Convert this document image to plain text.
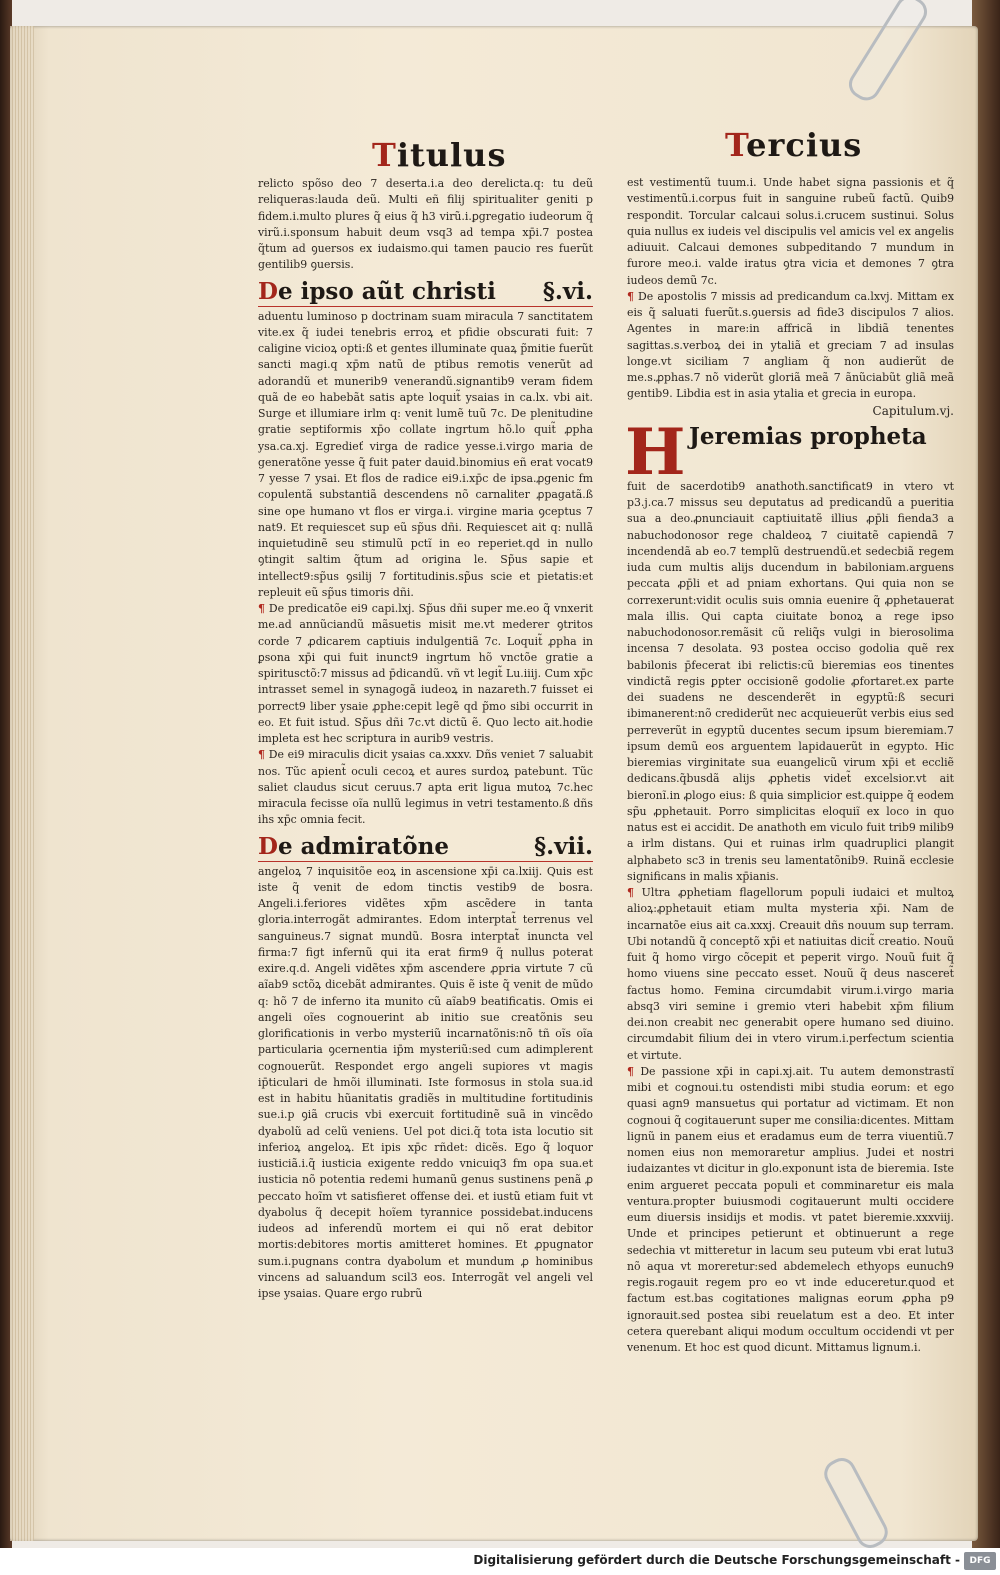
Titulus	Tercius

relicto spõso deo 7 deserta.i.a deo derelicta.q: tu deũ reliqueras:lauda deũ. Multi eñ filij spiritualiter geniti p fidem.i.multo plures q̃ eius q̃ h3 virũ.i.ꝑgregatio iudeorum q̃ virũ.i.sponsum habuit deum vsq3 ad tempa xp̄i.7 postea q̃tum ad ꝯuersos ex iudaismo.qui tamen paucio res fuerũt gentilib9 ꝯuersis.

De ipso aũt christi §.vi.

aduentu luminoso p doctrinam suam miracula 7 sanctitatem vite.ex q̃ iudei tenebris erroꝝ et pfidie obscurati fuit: 7 caligine vicioꝝ opti:ß et gentes illuminate quaꝝ p̃mitie fuerũt sancti magi.q xp̄m natũ de ptibus remotis venerũt ad adorandũ et munerib9 venerandũ.signantib9 veram fidem quã de eo habebãt satis apte loquit̃ ysaias in ca.lx. vbi ait. Surge et illumiare irlm q: venit lumẽ tuũ 7c. De plenitudine gratie septiformis xp̄o collate ingrtum hõ.lo quit̃ ꝓpha ysa.ca.xj. Egredieť virga de radice yesse.i.virgo maria de generatõne yesse q̃ fuit pater dauid.binomius eñ erat vocat9 7 yesse 7 ysai. Et flos de radice ei9.i.xp̄c de ipsa.ꝓgenic fm copulentã substantiã descendens nõ carnaliter ꝓpagatã.ß sine ope humano vt flos er virga.i. virgine maria ꝯceptus 7 nat9. Et requiescet sup eũ sp̃us dñi. Requiescet ait q: nullã inquietudinẽ seu stimulũ pctĩ in eo reperiet.qd in nullo ꝯtingit saltim q̃tum ad origina le. Sp̃us sapie et intellect9:sp̃us ꝯsilij 7 fortitudinis.sp̃us scie et pietatis:et repleuit eũ sp̃us timoris dñi.

¶ De predicatõe ei9 capi.lxj. Sp̃us dñi super me.eo q̃ vnxerit me.ad annũciandũ mãsuetis misit me.vt mederer ꝯtritos corde 7 ꝓdicarem captiuis indulgentiã 7c. Loquit̃ ꝓpha in ꝑsona xp̄i qui fuit inunct9 ingrtum hõ vnctõe gratie a spiritusctõ:7 missus ad p̄dicandũ. vñ vt legit̃ Lu.iiij. Cum xp̄c intrasset semel in synagogã iudeoꝝ in nazareth.7 fuisset ei porrect9 liber ysaie ꝓphe:cepit legẽ qd p̃mo sibi occurrit in eo. Et fuit istud. Sp̃us dñi 7c.vt dictũ ẽ. Quo lecto ait.hodie impleta est hec scriptura in aurib9 vestris.

¶ De ei9 miraculis dicit ysaias ca.xxxv. Dñs veniet 7 saluabit nos. Tũc apient̃ oculi cecoꝝ et aures surdoꝝ patebunt. Tũc saliet claudus sicut ceruus.7 apta erit ligua mutoꝝ 7c.hec miracula fecisse oĩa nullũ legimus in vetri testamento.ß dñs ihs xp̄c omnia fecit.

De admiratõne	§.vii.

angeloꝝ 7 inquisitõe eoꝝ in ascensione xp̄i ca.lxiij. Quis est iste q̃ venit de edom tinctis vestib9 de bosra. Angeli.i.feriores vidẽtes xp̄m ascẽdere in tanta gloria.interrogãt admirantes. Edom interptat̃ terrenus vel sanguineus.7 signat mundũ. Bosra interptat̃ inuncta vel firma:7 figt infernũ qui ita erat firm9 q̃ nullus poterat exire.q.d. Angeli vidẽtes xp̄m ascendere ꝓpria virtute 7 cũ aĩab9 sctõꝝ dicebãt admirantes. Quis ẽ iste q̃ venit de mũdo q: hõ 7 de inferno ita munito cũ aĩab9 beatificatis. Omis ei angeli oĩes cognouerint ab initio sue creatõnis seu glorificationis in verbo mysteriũ incarnatõnis:nõ tñ oĩs oĩa particularia ꝯcernentia ip̄m mysteriũ:sed cum adimplerent cognouerũt. Respondet ergo angeli supiores vt magis ip̄ticulari de hmõi illuminati. Iste formosus in stola sua.id est in habitu hũanitatis gradiẽs in multitudine fortitudinis sue.i.p ꝯiã crucis vbi exercuit fortitudinẽ suã in vincẽdo dyabolũ ad celũ veniens. Uel pot dici.q̃ tota ista locutio sit inferioꝝ angeloꝝ. Et ipis xp̄c rñdet: dicẽs. Ego q̃ loquor iusticiã.i.q̃ iusticia exigente reddo vnicuiq3 fm opa sua.et iusticia nõ potentia redemi humanũ genus sustinens penã ꝓ peccato hoĩm vt satisfieret offense dei. et iustũ etiam fuit vt dyabolus q̃ decepit hoĩem tyrannice possidebat.inducens iudeos ad inferendũ mortem ei qui nõ erat debitor mortis:debitores mortis amitteret homines. Et ꝓpugnator sum.i.pugnans contra dyabolum et mundum ꝓ hominibus vincens ad saluandum scil3 eos. Interrogãt vel angeli vel ipse ysaias. Quare ergo rubrũ

est vestimentũ tuum.i. Unde habet signa passionis et q̃ vestimentũ.i.corpus fuit in sanguine rubeũ factũ. Quib9 respondit. Torcular calcaui solus.i.crucem sustinui. Solus quia nullus ex iudeis vel discipulis vel amicis vel ex angelis adiuuit. Calcaui demones subpeditando 7 mundum in furore meo.i. valde iratus ꝯtra vicia et demones 7 ꝯtra iudeos demũ 7c.

¶ De apostolis 7 missis ad predicandum ca.lxvj. Mittam ex eis q̃ saluati fuerũt.s.ꝯuersis ad fide3 discipulos 7 alios. Agentes in mare:in affricã in libdiã tenentes sagittas.s.verboꝝ dei in ytaliã et greciam 7 ad insulas longe.vt siciliam 7 angliam q̃ non audierũt de me.s.ꝓphas.7 nõ viderũt gloriã meã 7 ãnũciabũt gliã meã gentib9. Libdia est in asia ytalia et grecia in europa.

Capitulum.vj.

H Jeremias propheta

fuit de sacerdotib9 anathoth.sanctificat9 in vtero vt p3.j.ca.7 missus seu deputatus ad predicandũ a pueritia sua a deo.ꝓnunciauit captiuitatẽ illius ꝓp̄li fienda3 a nabuchodonosor rege chaldeoꝝ 7 ciuitatẽ capiendã 7 incendendã ab eo.7 templũ destruendũ.et sedecbiã regem iuda cum multis alijs ducendum in babiloniam.arguens peccata ꝓp̄li et ad pniam exhortans. Qui quia non se correxerunt:vidit oculis suis omnia euenire q̃ ꝓphetauerat mala illis. Qui capta ciuitate bonoꝝ a rege ipso nabuchodonosor.remãsit cũ reliq̃s vulgi in bierosolima incensa 7 desolata. Ꝯ3 postea occiso godolia quẽ rex babilonis p̄fecerat ibi relictis:cũ bieremias eos tinentes vindictã regis ꝑpter occisionẽ godolie ꝓfortaret.ex parte dei suadens ne descenderẽt in egyptũ:ß securi ibimanerent:nõ crediderũt nec acquieuerũt verbis eius sed perreverũt in egyptũ ducentes secum ipsum bieremiam.7 ipsum demũ eos arguentem lapidauerũt in egypto. Hic bieremias virginitate sua euangelicũ virum xp̄i et eccliẽ dedicans.q̃busdã alijs ꝓphetis videt̃ excelsior.vt ait bieronĩ.in ꝓlogo eius: ß quia simplicior est.quippe q̃ eodem sp̃u ꝓphetauit. Porro simplicitas eloquiĩ ex loco in quo natus est ei accidit. De anathoth em viculo fuit trib9 milib9 a irlm distans. Qui et ruinas irlm quadruplici plangit alphabeto sc3 in trenis seu lamentatõnib9. Ruinã ecclesie significans in malis xp̄ianis.

¶ Ultra ꝓphetiam flagellorum populi iudaici et multoꝝ alioꝝ:ꝓphetauit etiam multa mysteria xp̄i. Nam de incarnatõe eius ait ca.xxxj. Creauit dñs nouum sup terram. Ubi notandũ q̃ conceptõ xp̄i et natiuitas dicit̃ creatio. Nouũ fuit q̃ homo virgo cõcepit et peperit virgo. Nouũ fuit q̃ homo viuens sine peccato esset. Nouũ q̃ deus nasceret̃ factus homo. Femina circumdabit virum.i.virgo maria absq3 viri semine i gremio vteri habebit xp̄m filium dei.non creabit nec generabit opere humano sed diuino. circumdabit filium dei in vtero virum.i.perfectum scientia et virtute.

¶ De passione xp̄i in capi.xj.ait. Tu autem demonstrastĩ mibi et cognoui.tu ostendisti mibi studia eorum: et ego quasi agn9 mansuetus qui portatur ad victimam. Et non cognoui q̃ cogitauerunt super me consilia:dicentes. Mittam lignũ in panem eius et eradamus eum de terra viuentiũ.7 nomen eius non memoraretur amplius. Judei et nostri iudaizantes vt dicitur in glo.exponunt ista de bieremia. Iste enim argueret peccata populi et comminaretur eis mala ventura.propter buiusmodi cogitauerunt multi occidere eum diuersis insidijs et modis. vt patet bieremie.xxxviij. Unde et principes petierunt et obtinuerunt a rege sedechia vt mitteretur in lacum seu puteum vbi erat lutu3 nõ aqua vt moreretur:sed abdemelech ethyops eunuch9 regis.rogauit regem pro eo vt inde educeretur.quod et factum est.bas cogitationes malignas eorum ꝓpha p9 ignorauit.sed postea sibi reuelatum est a deo. Et inter cetera querebant aliqui modum occultum occidendi vt per venenum. Et hoc est quod dicunt. Mittamus lignum.i.

Digitalisierung gefördert durch die Deutsche Forschungsgemeinschaft -	DFG
